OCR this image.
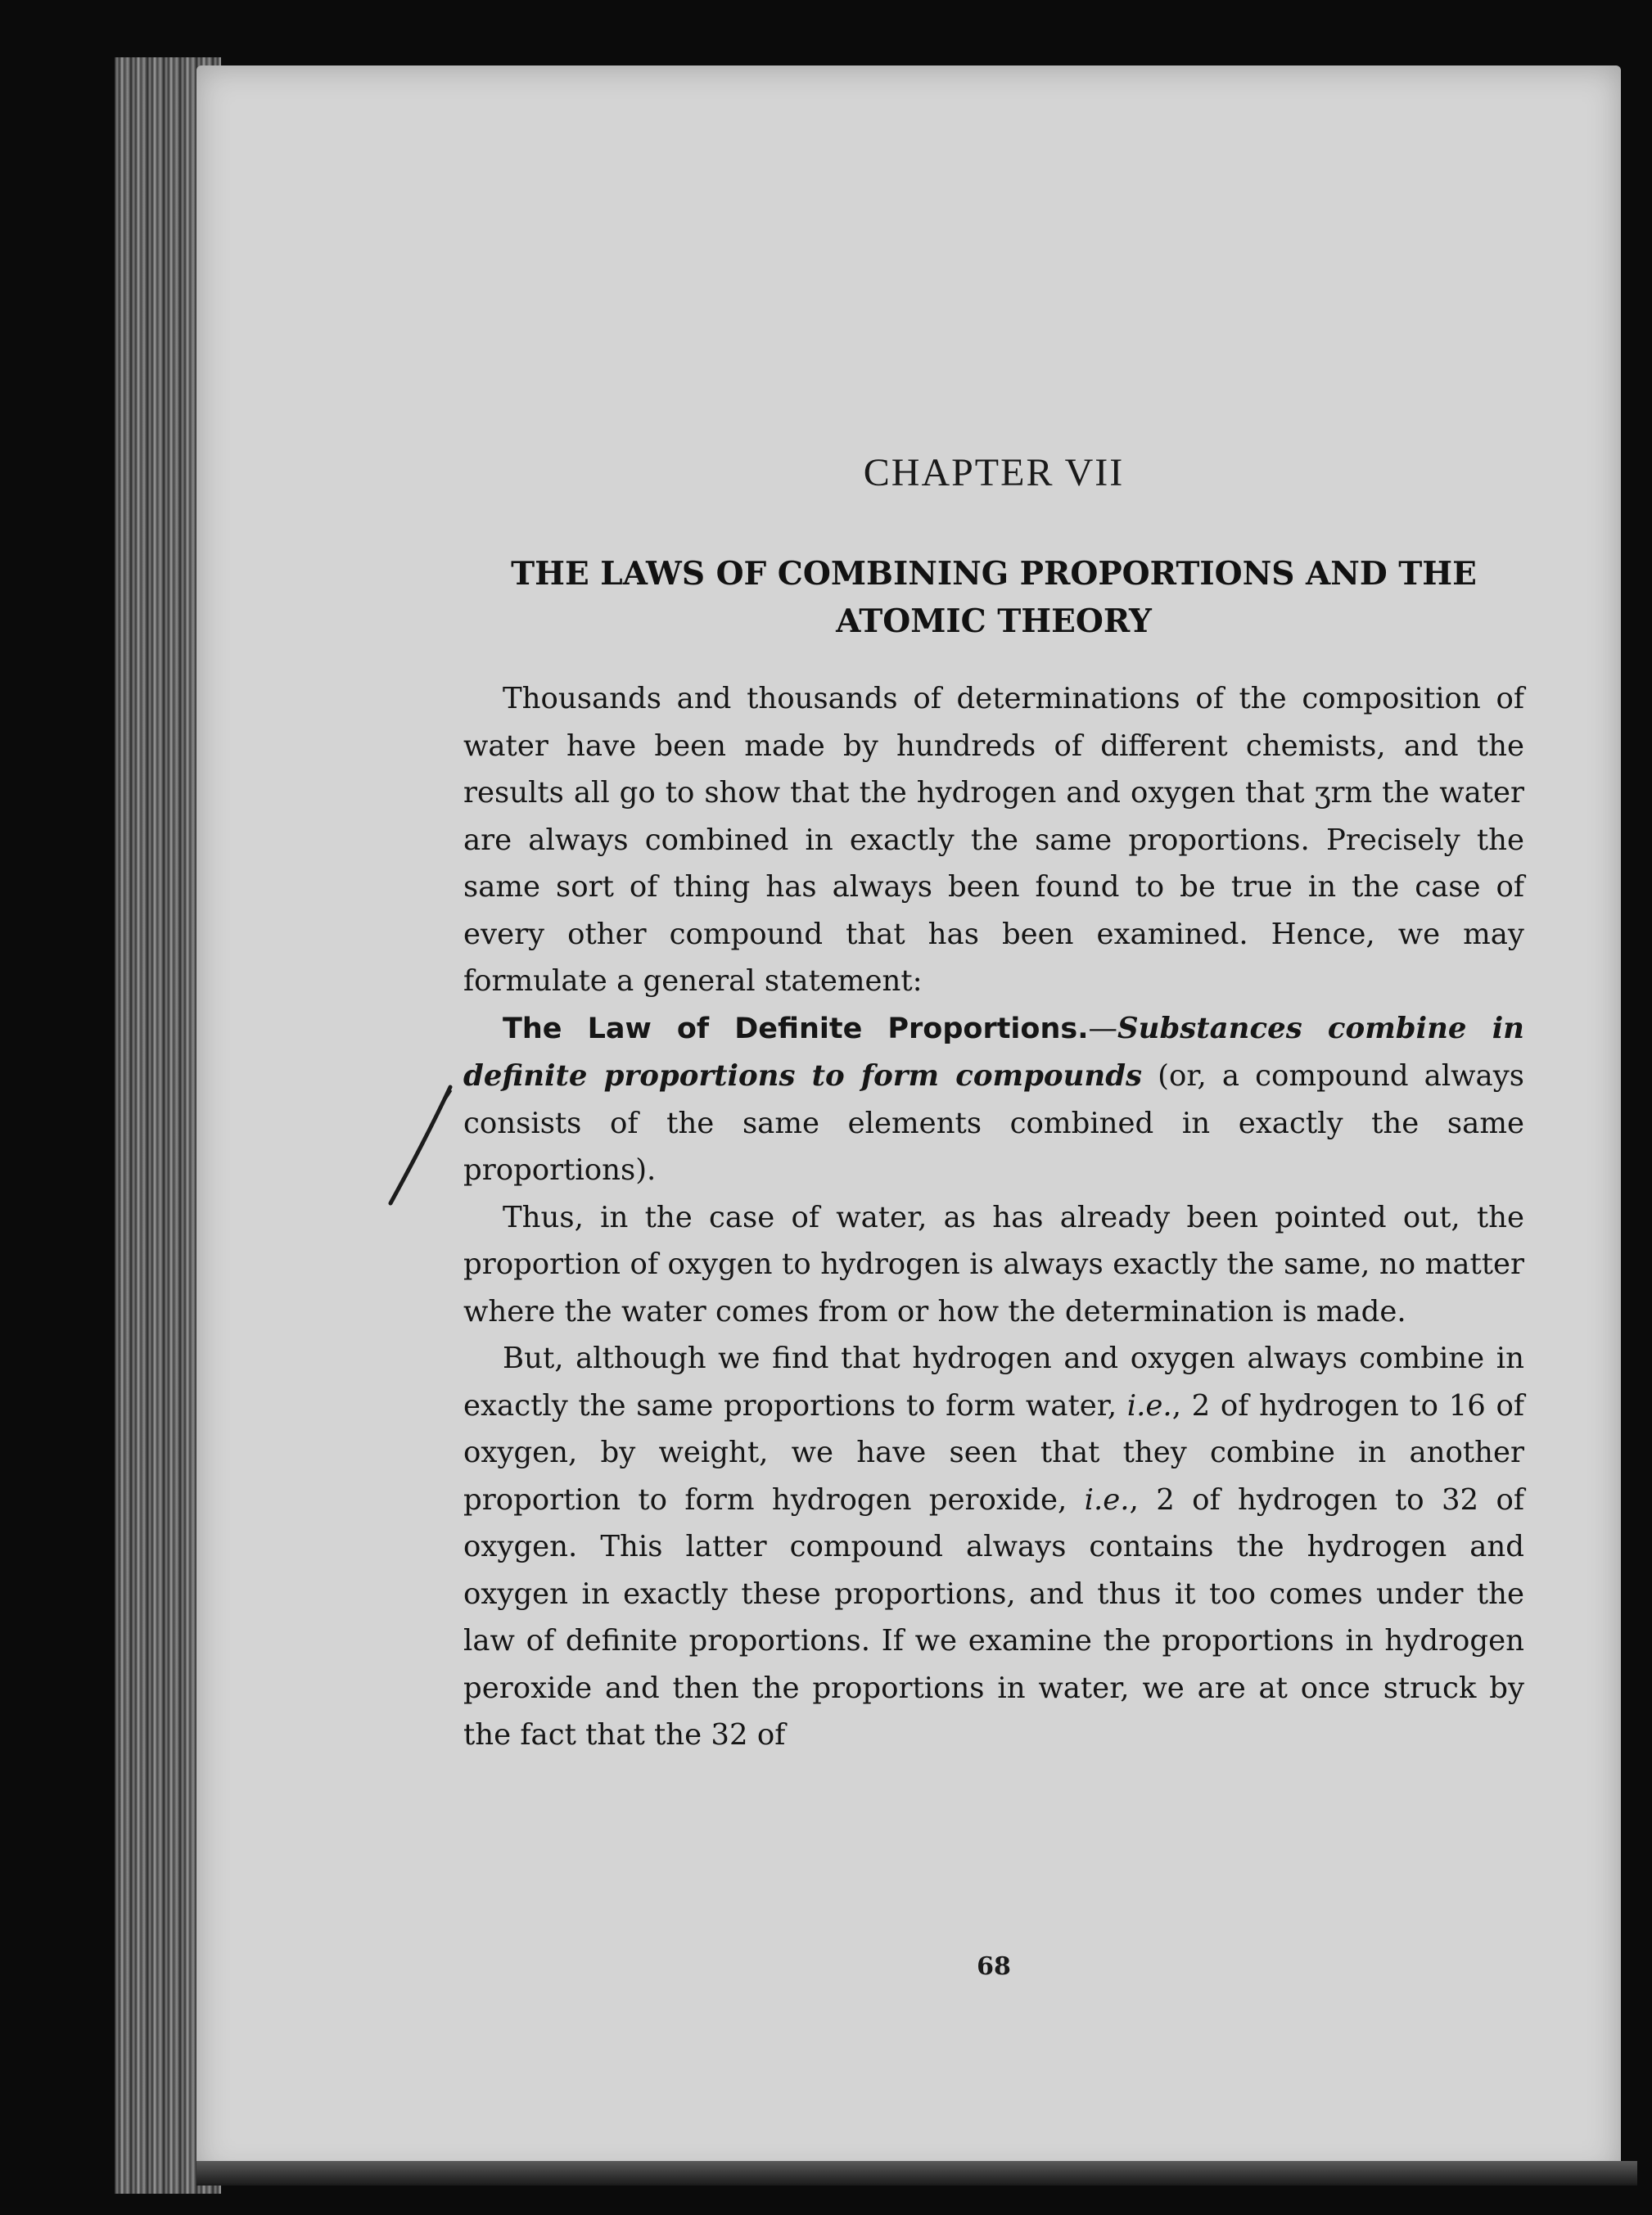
CHAPTER VII
THE LAWS OF COMBINING PROPORTIONS AND THE
ATOMIC THEORY

Thousands and thousands of determinations of the composition of water have been made by hundreds of different chemists, and the results all go to show that the hydrogen and oxygen that ʒrm the water are always combined in exactly the same proportions. Precisely the same sort of thing has always been found to be true in the case of every other compound that has been examined. Hence, we may formulate a general statement:

The Law of Definite Proportions.—Substances combine in definite proportions to form compounds (or, a compound always consists of the same elements combined in exactly the same proportions).

Thus, in the case of water, as has already been pointed out, the proportion of oxygen to hydrogen is always exactly the same, no matter where the water comes from or how the determination is made.

But, although we find that hydrogen and oxygen always combine in exactly the same proportions to form water, i.e., 2 of hydrogen to 16 of oxygen, by weight, we have seen that they combine in another proportion to form hydrogen peroxide, i.e., 2 of hydrogen to 32 of oxygen. This latter compound always contains the hydrogen and oxygen in exactly these proportions, and thus it too comes under the law of definite proportions. If we examine the proportions in hydrogen peroxide and then the proportions in water, we are at once struck by the fact that the 32 of

68
